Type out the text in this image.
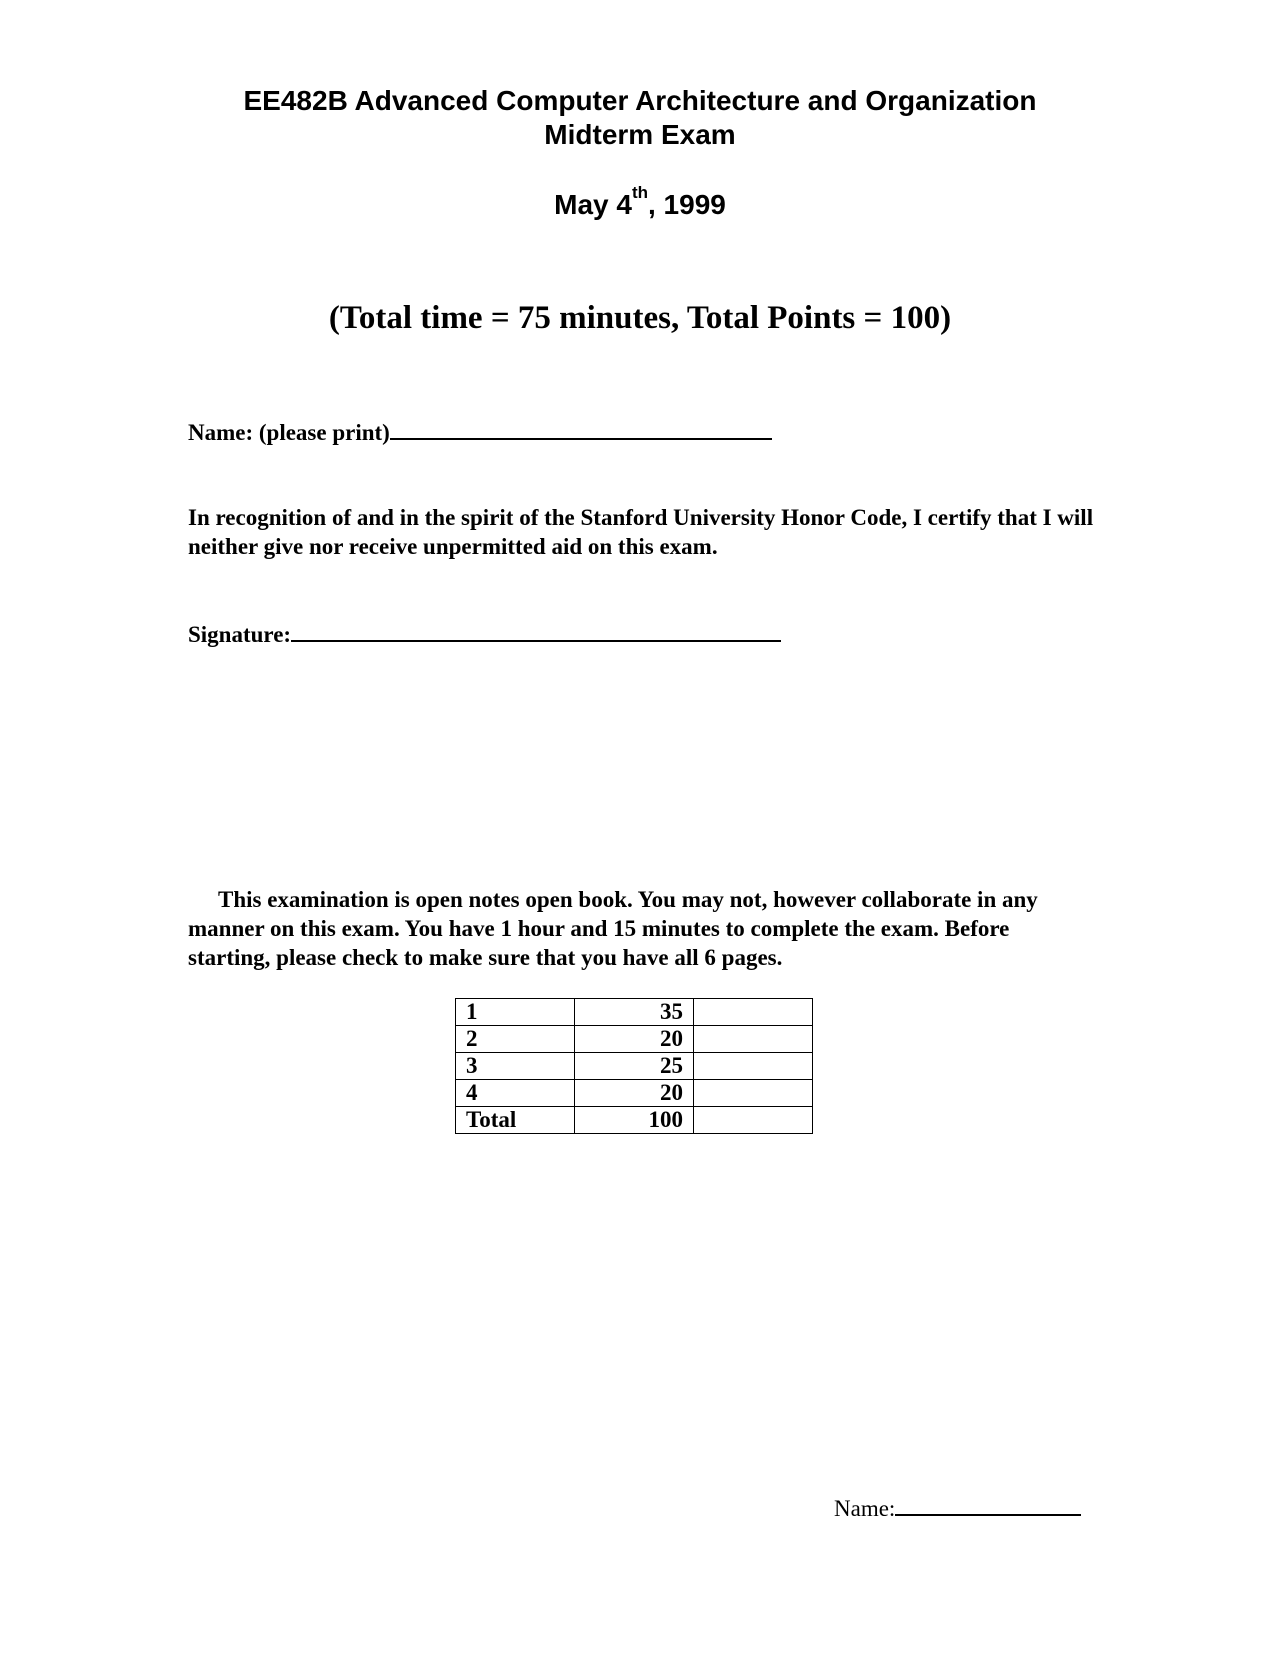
EE482B Advanced Computer Architecture and Organization
Midterm Exam
May 4th, 1999
(Total time = 75 minutes, Total Points = 100)
Name: (please print)
In recognition of and in the spirit of the Stanford University Honor Code, I certify that I will neither give nor receive unpermitted aid on this exam.
Signature:
This examination is open notes open book. You may not, however collaborate in any manner on this exam. You have 1 hour and 15 minutes to complete the exam. Before starting, please check to make sure that you have all 6 pages.
1	35	
2	20	
3	25	
4	20	
Total	100	
Name:
